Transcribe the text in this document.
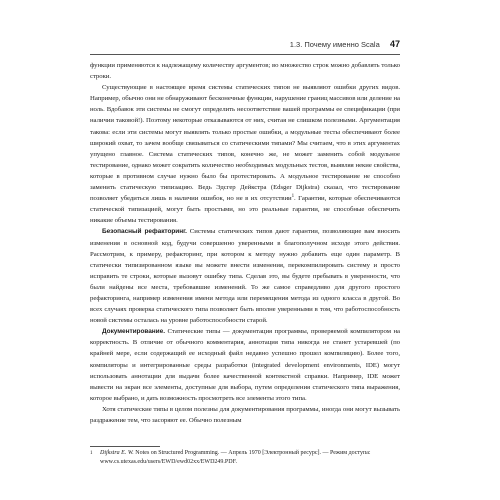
1.3. Почему именно Scala 47

функции применяются к надлежащему количеству аргументов; во множество строк можно добавлять только строки.

Существующие в настоящее время системы статических типов не выявляют ошибки других видов. Например, обычно они не обнаруживают бесконечные функции, нарушение границ массивов или деление на ноль. Вдобавок эти системы не смогут определить несоответствие вашей программы ее спецификации (при наличии таковой!). Поэтому некоторые отказываются от них, считая не слишком полезными. Аргументация такова: если эти системы могут выявлять только простые ошибки, а модульные тесты обеспечивают более широкий охват, то зачем вообще связываться со статическими типами? Мы считаем, что в этих аргументах упущено главное. Система статических типов, конечно же, не может заменить собой модульное тестирование, однако может сократить количество необходимых модульных тестов, выявляя некие свойства, которые в противном случае нужно было бы протестировать. А модульное тестирование не способно заменить статическую типизацию. Ведь Эдсгер Дейкстра (Edsger Dijkstra) сказал, что тестирование позволяет убедиться лишь в наличии ошибок, но не в их отсутствии$^1$. Гарантии, которые обеспечиваются статической типизацией, могут быть простыми, но это реальные гарантии, не способные обеспечить никакие объемы тестирования.

Безопасный рефакторинг. Системы статических типов дают гарантии, позволяющие вам вносить изменения в основной код, будучи совершенно уверенными в благополучном исходе этого действия. Рассмотрим, к примеру, рефакторинг, при котором к методу нужно добавить еще один параметр. В статически типизированном языке вы можете внести изменения, перекомпилировать систему и просто исправить те строки, которые вызовут ошибку типа. Сделав это, вы будете пребывать в уверенности, что были найдены все места, требовавшие изменений. То же самое справедливо для другого простого рефакторинга, например изменения имени метода или перемещения метода из одного класса в другой. Во всех случаях проверка статического типа позволяет быть вполне уверенными в том, что работоспособность новой системы осталась на уровне работоспособности старой.

Документирование. Статические типы — документация программы, проверяемой компилятором на корректность. В отличие от обычного комментария, аннотация типа никогда не станет устаревшей (по крайней мере, если содержащий ее исходный файл недавно успешно прошел компиляцию). Более того, компиляторы и интегрированные среды разработки (integrated development environments, IDE) могут использовать аннотации для выдачи более качественной контекстной справки. Например, IDE может вывести на экран все элементы, доступные для выбора, путем определения статического типа выражения, которое выбрано, и дать возможность просмотреть все элементы этого типа.

Хотя статические типы в целом полезны для документирования программы, иногда они могут вызывать раздражение тем, что засоряют ее. Обычно полезным

1 Dijkstra E. W. Notes on Structured Programming. — Апрель 1970 [Электронный ресурс]. — Режим доступа: www.cs.utexas.edu/users/EWD/ewd02xx/EWD249.PDF.
